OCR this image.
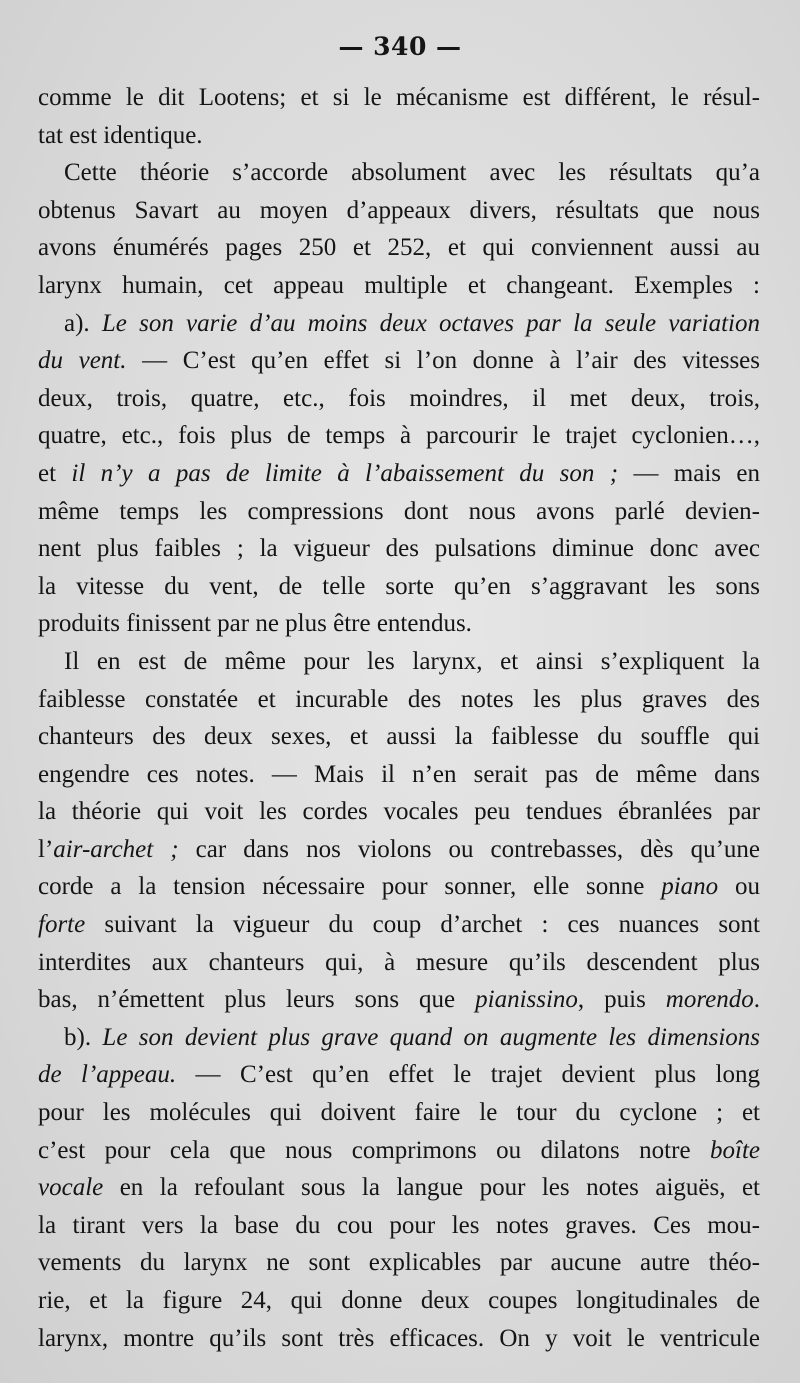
— 340 —
comme le dit Lootens; et si le mécanisme est différent, le résul-
tat est identique.
Cette théorie s’accorde absolument avec les résultats qu’a
obtenus Savart au moyen d’appeaux divers, résultats que nous
avons énumérés pages 250 et 252, et qui conviennent aussi au
larynx humain, cet appeau multiple et changeant. Exemples :
a). Le son varie d’au moins deux octaves par la seule variation
du vent. — C’est qu’en effet si l’on donne à l’air des vitesses
deux, trois, quatre, etc., fois moindres, il met deux, trois,
quatre, etc., fois plus de temps à parcourir le trajet cyclonien…,
et il n’y a pas de limite à l’abaissement du son ; — mais en
même temps les compressions dont nous avons parlé devien-
nent plus faibles ; la vigueur des pulsations diminue donc avec
la vitesse du vent, de telle sorte qu’en s’aggravant les sons
produits finissent par ne plus être entendus.
Il en est de même pour les larynx, et ainsi s’expliquent la
faiblesse constatée et incurable des notes les plus graves des
chanteurs des deux sexes, et aussi la faiblesse du souffle qui
engendre ces notes. — Mais il n’en serait pas de même dans
la théorie qui voit les cordes vocales peu tendues ébranlées par
l’air-archet ; car dans nos violons ou contrebasses, dès qu’une
corde a la tension nécessaire pour sonner, elle sonne piano ou
forte suivant la vigueur du coup d’archet : ces nuances sont
interdites aux chanteurs qui, à mesure qu’ils descendent plus
bas, n’émettent plus leurs sons que pianissino, puis morendo.
b). Le son devient plus grave quand on augmente les dimensions
de l’appeau. — C’est qu’en effet le trajet devient plus long
pour les molécules qui doivent faire le tour du cyclone ; et
c’est pour cela que nous comprimons ou dilatons notre boîte
vocale en la refoulant sous la langue pour les notes aiguës, et
la tirant vers la base du cou pour les notes graves. Ces mou-
vements du larynx ne sont explicables par aucune autre théo-
rie, et la figure 24, qui donne deux coupes longitudinales de
larynx, montre qu’ils sont très efficaces. On y voit le ventricule
